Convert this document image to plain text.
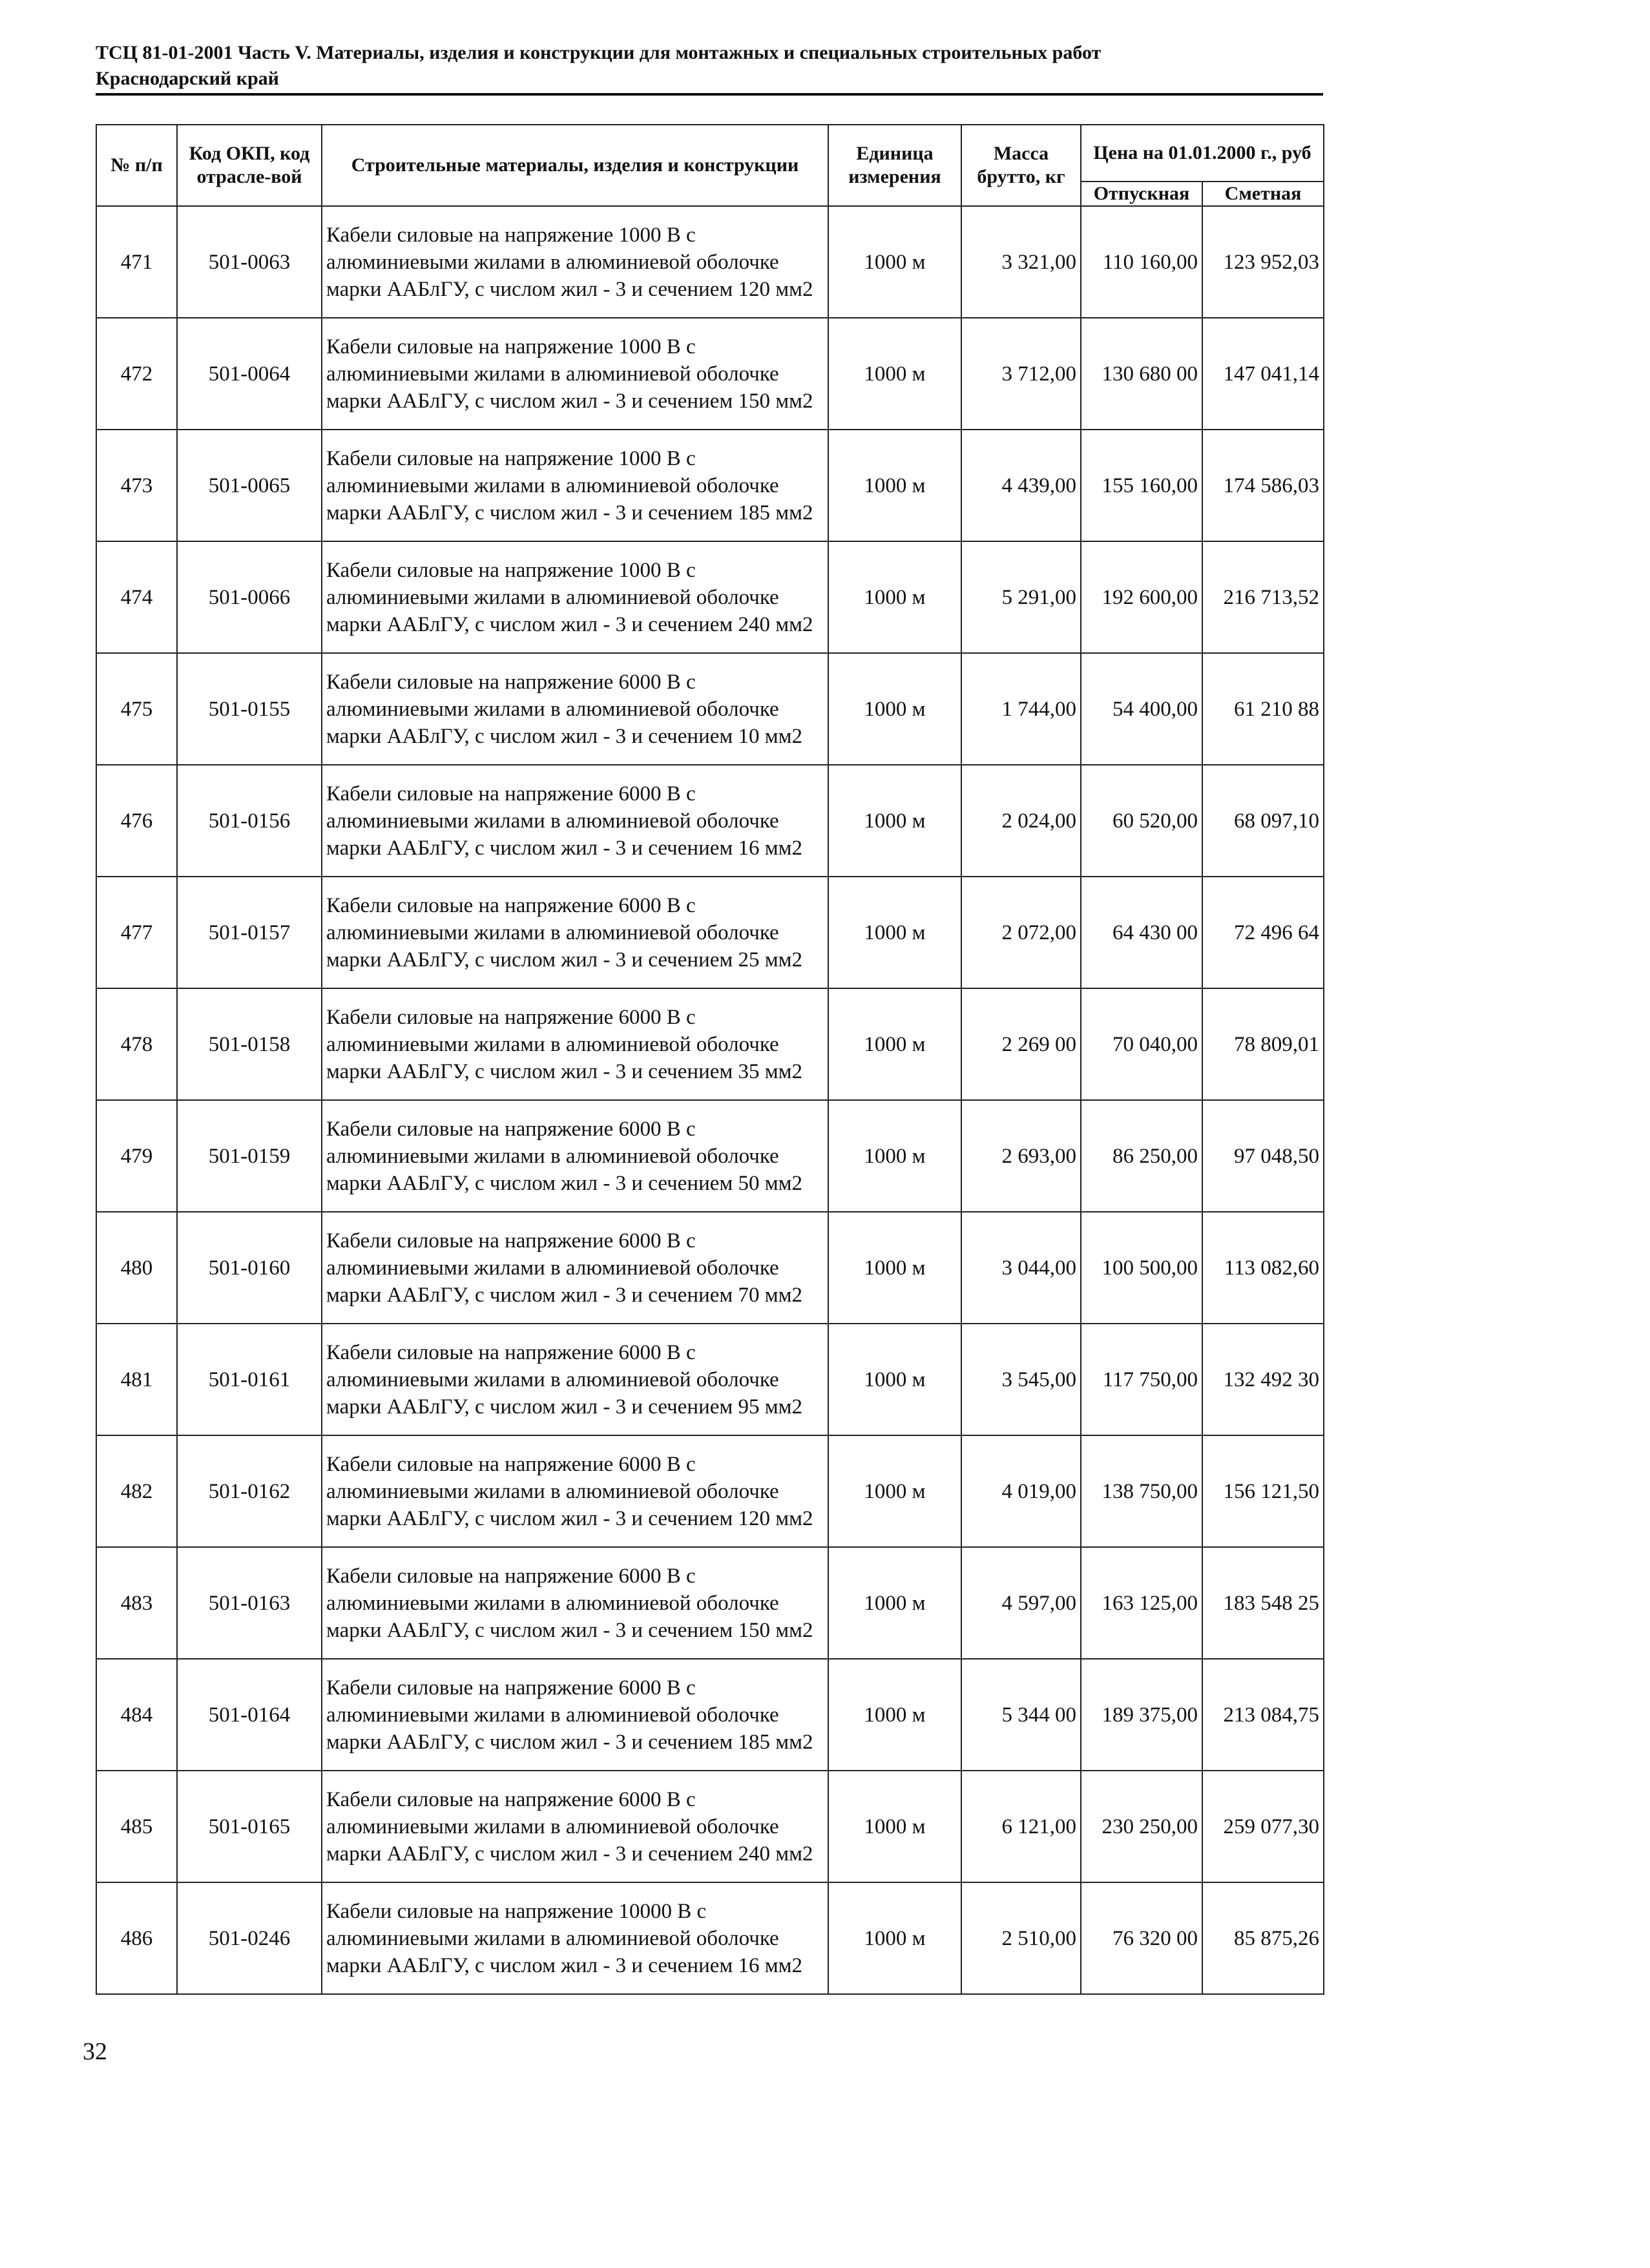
ТСЦ 81-01-2001 Часть V. Материалы, изделия и конструкции для монтажных и специальных строительных работ
Краснодарский край
№ п/п	Код ОКП, код отрасле-вой	Строительные материалы, изделия и конструкции	Единица измерения	Масса брутто, кг	Цена на 01.01.2000 г., руб	
					Отпускная	Сметная
471	501-0063	Кабели силовые на напряжение 1000 В с алюминиевыми жилами в алюминиевой оболочке марки ААБлГУ, с числом жил - 3 и сечением 120 мм2	1000 м	3 321,00	110 160,00	123 952,03
472	501-0064	Кабели силовые на напряжение 1000 В с алюминиевыми жилами в алюминиевой оболочке марки ААБлГУ, с числом жил - 3 и сечением 150 мм2	1000 м	3 712,00	130 680 00	147 041,14
473	501-0065	Кабели силовые на напряжение 1000 В с алюминиевыми жилами в алюминиевой оболочке марки ААБлГУ, с числом жил - 3 и сечением 185 мм2	1000 м	4 439,00	155 160,00	174 586,03
474	501-0066	Кабели силовые на напряжение 1000 В с алюминиевыми жилами в алюминиевой оболочке марки ААБлГУ, с числом жил - 3 и сечением 240 мм2	1000 м	5 291,00	192 600,00	216 713,52
475	501-0155	Кабели силовые на напряжение 6000 В с алюминиевыми жилами в алюминиевой оболочке марки ААБлГУ, с числом жил - 3 и сечением 10 мм2	1000 м	1 744,00	54 400,00	61 210 88
476	501-0156	Кабели силовые на напряжение 6000 В с алюминиевыми жилами в алюминиевой оболочке марки ААБлГУ, с числом жил - 3 и сечением 16 мм2	1000 м	2 024,00	60 520,00	68 097,10
477	501-0157	Кабели силовые на напряжение 6000 В с алюминиевыми жилами в алюминиевой оболочке марки ААБлГУ, с числом жил - 3 и сечением 25 мм2	1000 м	2 072,00	64 430 00	72 496 64
478	501-0158	Кабели силовые на напряжение 6000 В с алюминиевыми жилами в алюминиевой оболочке марки ААБлГУ, с числом жил - 3 и сечением 35 мм2	1000 м	2 269 00	70 040,00	78 809,01
479	501-0159	Кабели силовые на напряжение 6000 В с алюминиевыми жилами в алюминиевой оболочке марки ААБлГУ, с числом жил - 3 и сечением 50 мм2	1000 м	2 693,00	86 250,00	97 048,50
480	501-0160	Кабели силовые на напряжение 6000 В с алюминиевыми жилами в алюминиевой оболочке марки ААБлГУ, с числом жил - 3 и сечением 70 мм2	1000 м	3 044,00	100 500,00	113 082,60
481	501-0161	Кабели силовые на напряжение 6000 В с алюминиевыми жилами в алюминиевой оболочке марки ААБлГУ, с числом жил - 3 и сечением 95 мм2	1000 м	3 545,00	117 750,00	132 492 30
482	501-0162	Кабели силовые на напряжение 6000 В с алюминиевыми жилами в алюминиевой оболочке марки ААБлГУ, с числом жил - 3 и сечением 120 мм2	1000 м	4 019,00	138 750,00	156 121,50
483	501-0163	Кабели силовые на напряжение 6000 В с алюминиевыми жилами в алюминиевой оболочке марки ААБлГУ, с числом жил - 3 и сечением 150 мм2	1000 м	4 597,00	163 125,00	183 548 25
484	501-0164	Кабели силовые на напряжение 6000 В с алюминиевыми жилами в алюминиевой оболочке марки ААБлГУ, с числом жил - 3 и сечением 185 мм2	1000 м	5 344 00	189 375,00	213 084,75
485	501-0165	Кабели силовые на напряжение 6000 В с алюминиевыми жилами в алюминиевой оболочке марки ААБлГУ, с числом жил - 3 и сечением 240 мм2	1000 м	6 121,00	230 250,00	259 077,30
486	501-0246	Кабели силовые на напряжение 10000 В с алюминиевыми жилами в алюминиевой оболочке марки ААБлГУ, с числом жил - 3 и сечением 16 мм2	1000 м	2 510,00	76 320 00	85 875,26
32
